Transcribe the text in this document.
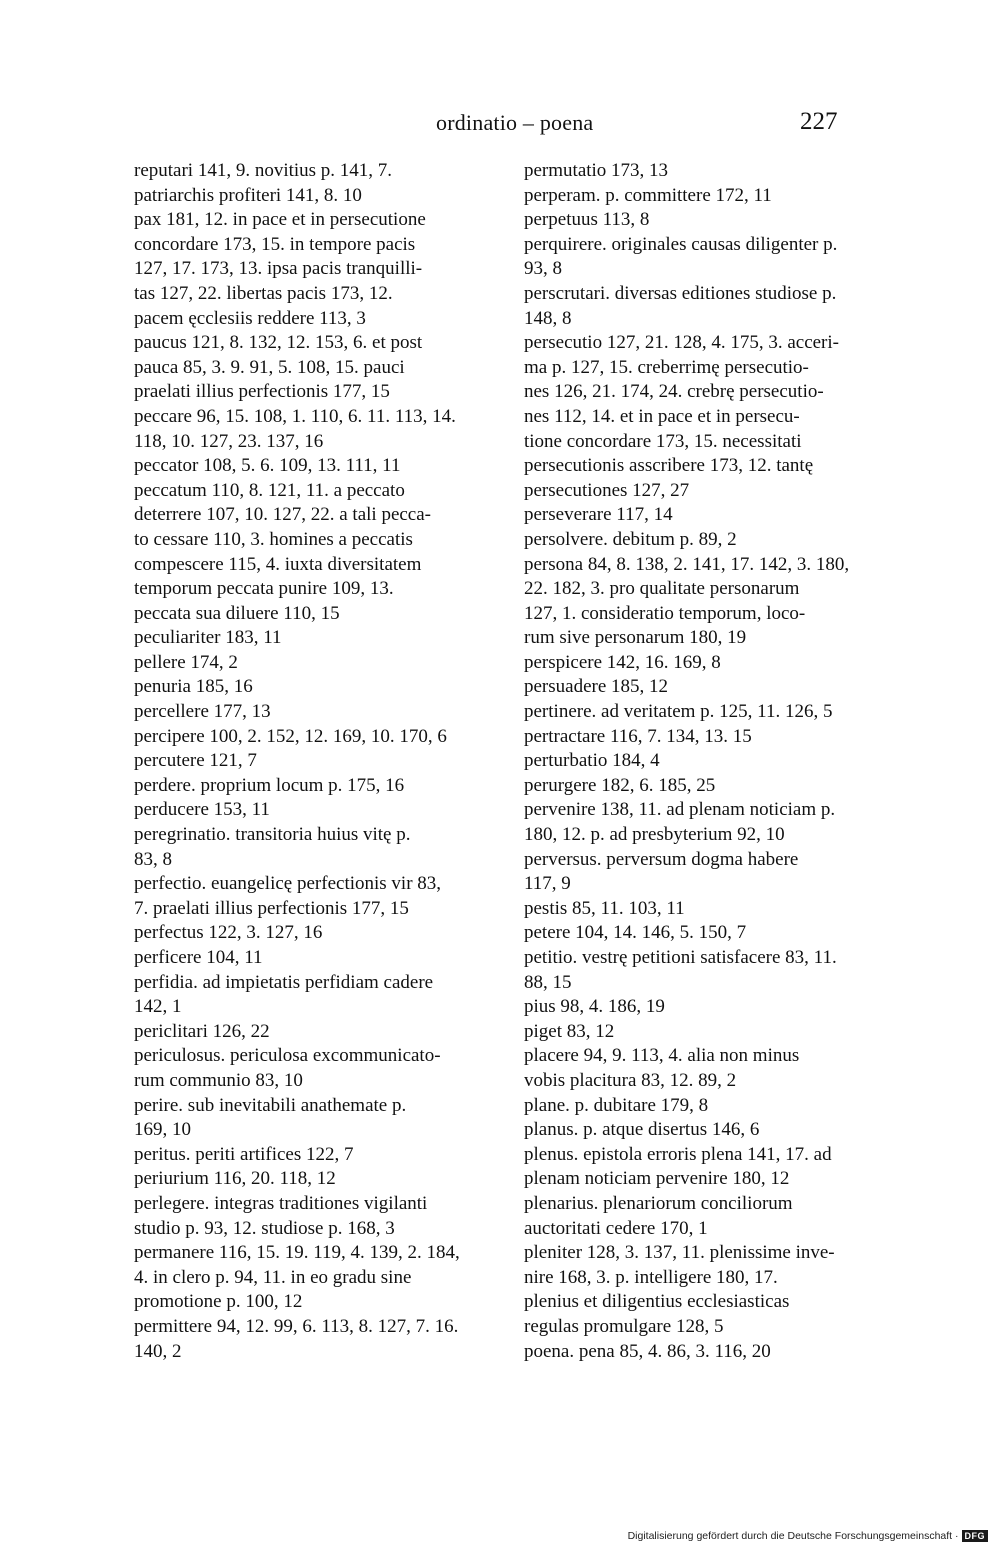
ordinatio – poena	227
reputari 141, 9. novitius p. 141, 7.
patriarchis profiteri 141, 8. 10
pax 181, 12. in pace et in persecutione
concordare 173, 15. in tempore pacis
127, 17. 173, 13. ipsa pacis tranquilli-
tas 127, 22. libertas pacis 173, 12.
pacem ęcclesiis reddere 113, 3
paucus 121, 8. 132, 12. 153, 6. et post
pauca 85, 3. 9. 91, 5. 108, 15. pauci
praelati illius perfectionis 177, 15
peccare 96, 15. 108, 1. 110, 6. 11. 113, 14.
118, 10. 127, 23. 137, 16
peccator 108, 5. 6. 109, 13. 111, 11
peccatum 110, 8. 121, 11. a peccato
deterrere 107, 10. 127, 22. a tali pecca-
to cessare 110, 3. homines a peccatis
compescere 115, 4. iuxta diversitatem
temporum peccata punire 109, 13.
peccata sua diluere 110, 15
peculiariter 183, 11
pellere 174, 2
penuria 185, 16
percellere 177, 13
percipere 100, 2. 152, 12. 169, 10. 170, 6
percutere 121, 7
perdere. proprium locum p. 175, 16
perducere 153, 11
peregrinatio. transitoria huius vitę p.
83, 8
perfectio. euangelicę perfectionis vir 83,
7. praelati illius perfectionis 177, 15
perfectus 122, 3. 127, 16
perficere 104, 11
perfidia. ad impietatis perfidiam cadere
142, 1
periclitari 126, 22
periculosus. periculosa excommunicato-
rum communio 83, 10
perire. sub inevitabili anathemate p.
169, 10
peritus. periti artifices 122, 7
periurium 116, 20. 118, 12
perlegere. integras traditiones vigilanti
studio p. 93, 12. studiose p. 168, 3
permanere 116, 15. 19. 119, 4. 139, 2. 184,
4. in clero p. 94, 11. in eo gradu sine
promotione p. 100, 12
permittere 94, 12. 99, 6. 113, 8. 127, 7. 16.
140, 2
permutatio 173, 13
perperam. p. committere 172, 11
perpetuus 113, 8
perquirere. originales causas diligenter p.
93, 8
perscrutari. diversas editiones studiose p.
148, 8
persecutio 127, 21. 128, 4. 175, 3. acceri-
ma p. 127, 15. creberrimę persecutio-
nes 126, 21. 174, 24. crebrę persecutio-
nes 112, 14. et in pace et in persecu-
tione concordare 173, 15. necessitati
persecutionis asscribere 173, 12. tantę
persecutiones 127, 27
perseverare 117, 14
persolvere. debitum p. 89, 2
persona 84, 8. 138, 2. 141, 17. 142, 3. 180,
22. 182, 3. pro qualitate personarum
127, 1. consideratio temporum, loco-
rum sive personarum 180, 19
perspicere 142, 16. 169, 8
persuadere 185, 12
pertinere. ad veritatem p. 125, 11. 126, 5
pertractare 116, 7. 134, 13. 15
perturbatio 184, 4
perurgere 182, 6. 185, 25
pervenire 138, 11. ad plenam noticiam p.
180, 12. p. ad presbyterium 92, 10
perversus. perversum dogma habere
117, 9
pestis 85, 11. 103, 11
petere 104, 14. 146, 5. 150, 7
petitio. vestrę petitioni satisfacere 83, 11.
88, 15
pius 98, 4. 186, 19
piget 83, 12
placere 94, 9. 113, 4. alia non minus
vobis placitura 83, 12. 89, 2
plane. p. dubitare 179, 8
planus. p. atque disertus 146, 6
plenus. epistola erroris plena 141, 17. ad
plenam noticiam pervenire 180, 12
plenarius. plenariorum conciliorum
auctoritati cedere 170, 1
pleniter 128, 3. 137, 11. plenissime inve-
nire 168, 3. p. intelligere 180, 17.
plenius et diligentius ecclesiasticas
regulas promulgare 128, 5
poena. pena 85, 4. 86, 3. 116, 20
Digitalisierung gefördert durch die Deutsche Forschungsgemeinschaft · DFG
